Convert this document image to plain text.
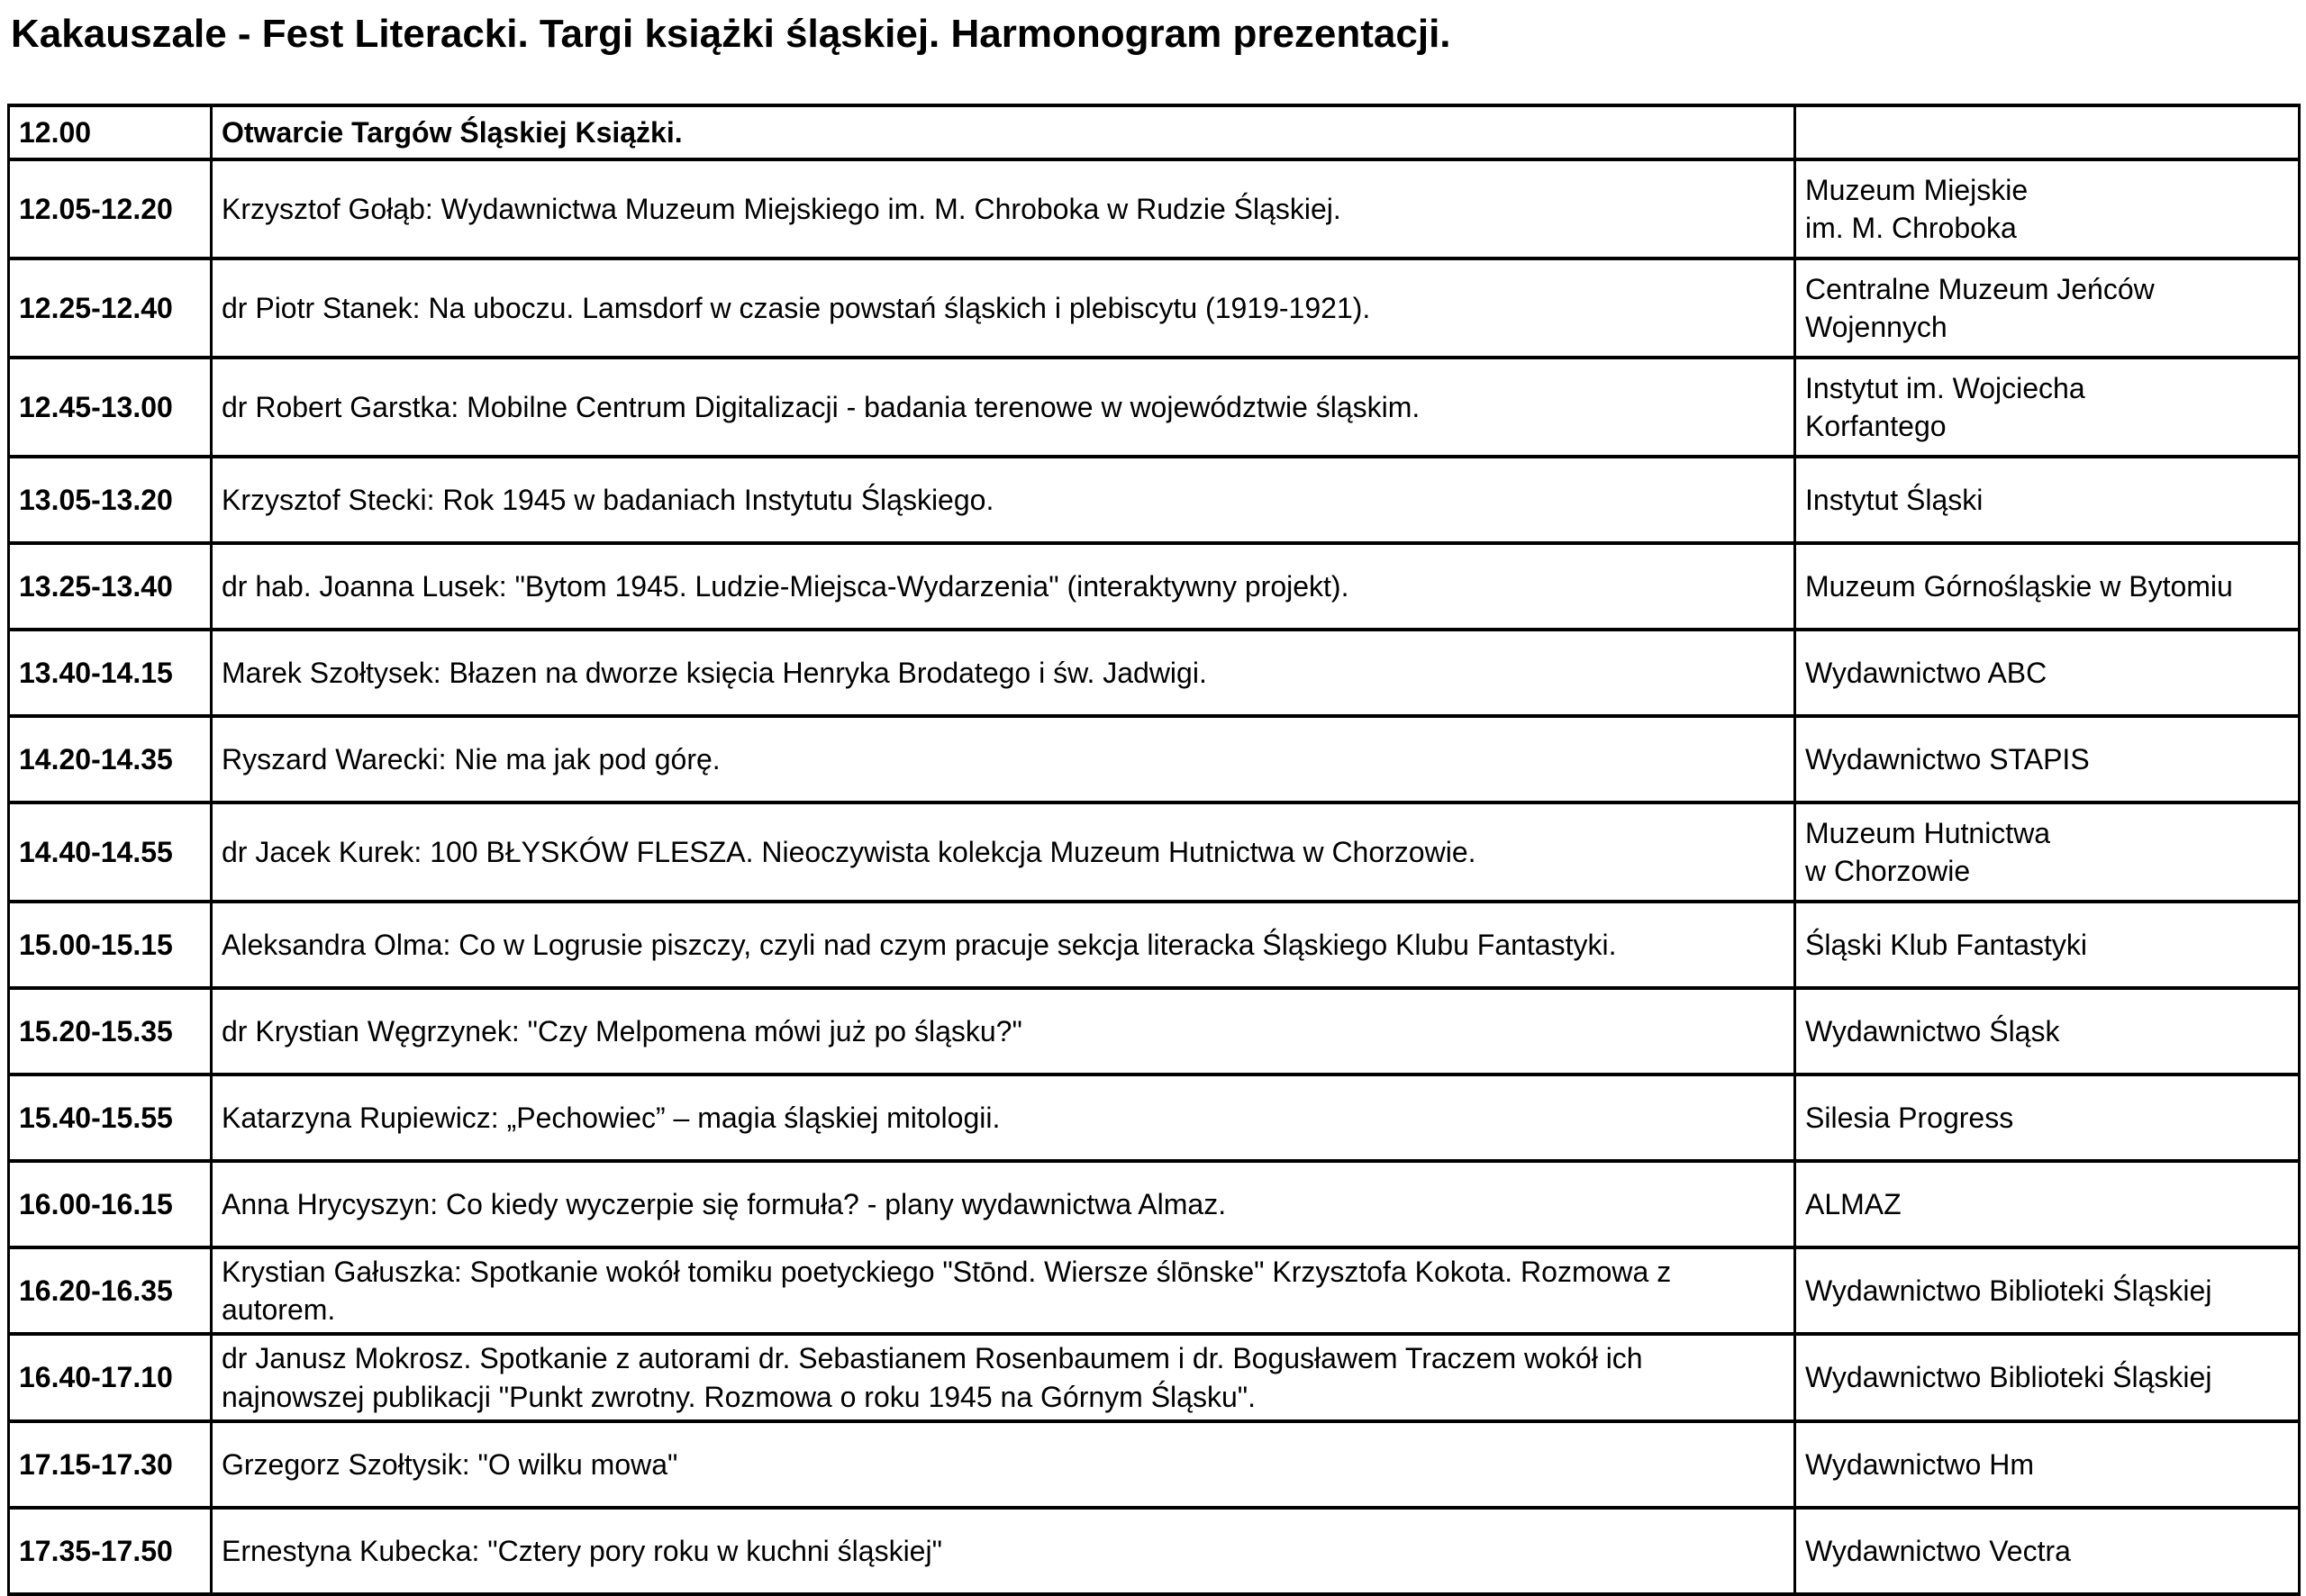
Kakauszale - Fest Literacki. Targi książki śląskiej. Harmonogram prezentacji.
12.00	Otwarcie Targów Śląskiej Książki.	
12.05-12.20	Krzysztof Gołąb: Wydawnictwa Muzeum Miejskiego im. M. Chroboka w Rudzie Śląskiej.	Muzeum Miejskie
im. M. Chroboka
12.25-12.40	dr Piotr Stanek: Na uboczu. Lamsdorf w czasie powstań śląskich i plebiscytu (1919-1921).	Centralne Muzeum Jeńców
Wojennych
12.45-13.00	dr Robert Garstka: Mobilne Centrum Digitalizacji - badania terenowe w województwie śląskim.	Instytut im. Wojciecha
Korfantego
13.05-13.20	Krzysztof Stecki: Rok 1945 w badaniach Instytutu Śląskiego.	Instytut Śląski
13.25-13.40	dr hab. Joanna Lusek: "Bytom 1945. Ludzie-Miejsca-Wydarzenia" (interaktywny projekt).	Muzeum Górnośląskie w Bytomiu
13.40-14.15	Marek Szołtysek: Błazen na dworze księcia Henryka Brodatego i św. Jadwigi.	Wydawnictwo ABC
14.20-14.35	Ryszard Warecki: Nie ma jak pod górę.	Wydawnictwo STAPIS
14.40-14.55	dr Jacek Kurek: 100 BŁYSKÓW FLESZA. Nieoczywista kolekcja Muzeum Hutnictwa w Chorzowie.	Muzeum Hutnictwa
w Chorzowie
15.00-15.15	Aleksandra Olma: Co w Logrusie piszczy, czyli nad czym pracuje sekcja literacka Śląskiego Klubu Fantastyki.	Śląski Klub Fantastyki
15.20-15.35	dr Krystian Węgrzynek: "Czy Melpomena mówi już po śląsku?"	Wydawnictwo Śląsk
15.40-15.55	Katarzyna Rupiewicz: „Pechowiec” – magia śląskiej mitologii.	Silesia Progress
16.00-16.15	Anna Hrycyszyn: Co kiedy wyczerpie się formuła? - plany wydawnictwa Almaz.	ALMAZ
16.20-16.35	Krystian Gałuszka: Spotkanie wokół tomiku poetyckiego "Stōnd. Wiersze ślōnske" Krzysztofa Kokota. Rozmowa z autorem.	Wydawnictwo Biblioteki Śląskiej
16.40-17.10	dr Janusz Mokrosz. Spotkanie z autorami dr. Sebastianem Rosenbaumem i dr. Bogusławem Traczem wokół ich najnowszej publikacji "Punkt zwrotny. Rozmowa o roku 1945 na Górnym Śląsku".	Wydawnictwo Biblioteki Śląskiej
17.15-17.30	Grzegorz Szołtysik: "O wilku mowa"	Wydawnictwo Hm
17.35-17.50	Ernestyna Kubecka: "Cztery pory roku w kuchni śląskiej"	Wydawnictwo Vectra
